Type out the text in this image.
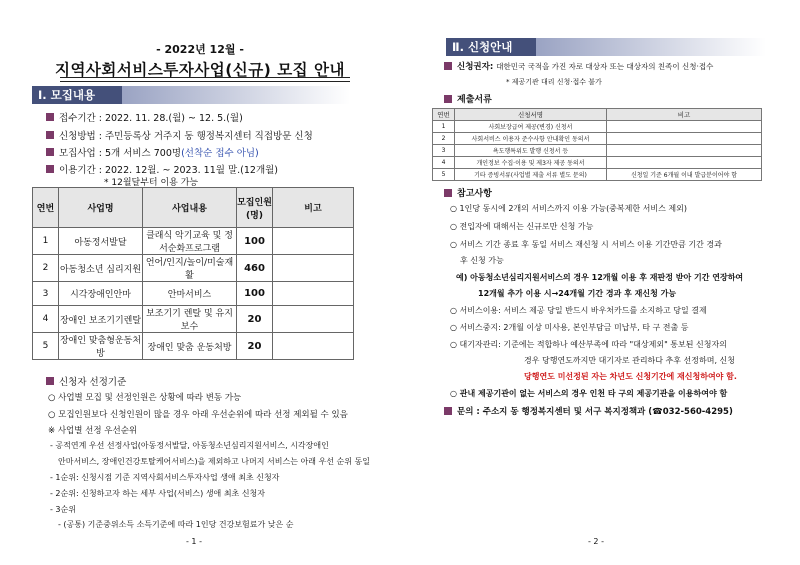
- 2022년 12월 -
지역사회서비스투자사업(신규) 모집 안내
Ⅰ. 모집내용
접수기간 : 2022. 11. 28.(월) ~ 12. 5.(월)
신청방법 : 주민등록상 거주지 동 행정복지센터 직접방문 신청
모집사업 : 5개 서비스 700명 (선착순 접수 아님)
이용기간 : 2022. 12월. ~ 2023. 11월 말.(12개월)
* 12월달부터 이용 가능
연번	사업명	사업내용	모집인원(명)	비고
1	아동정서발달	클래식 악기교육 및 정서순화프로그램	100	
2	아동청소년 심리지원	언어/인지/놀이/미술재활	460	
3	시각장애인안마	안마서비스	100	
4	장애인 보조기기렌탈	보조기기 렌탈 및 유지보수	20	
5	장애인 맞춤형운동처방	장애인 맞춤 운동처방	20	
신청자 선정기준
○ 사업별 모집 및 선정인원은 상황에 따라 변동 가능
○ 모집인원보다 신청인원이 많을 경우 아래 우선순위에 따라 선정 제외될 수 있음
※ 사업별 선정 우선순위
- 공적연계 우선 선정사업(아동정서발달, 아동청소년심리지원서비스, 시각장애인
안마서비스, 장애인건강토탈케어서비스)을 제외하고 나머지 서비스는 아래 우선 순위 동일
- 1순위: 신청시점 기준 지역사회서비스투자사업 생애 최초 신청자
- 2순위: 신청하고자 하는 세부 사업(서비스) 생애 최초 신청자
- 3순위
- (공통) 기준중위소득 소득기준에 따라 1인당 건강보험료가 낮은 순
- 1 -
Ⅱ. 신청안내
신청권자: 대한민국 국적을 가진 자로 대상자 또는 대상자의 친족이 신청·접수
* 제공기관 대리 신청·접수 불가
제출서류
연번	신청서명	비고
1	사회보장급여 제공(변경) 신청서	
2	사회서비스 이용자 준수사항 안내확인 동의서	
3	욕도행특위도 발행 신청서 등	
4	개인정보 수집·이용 및 제3자 제공 동의서	
5	기타 증빙서류(사업별 제출 서류 별도 문의)	신청일 기준 6개월 이내 발급분이어야 함
참고사항
○ 1인당 동시에 2개의 서비스까지 이용 가능(중복제한 서비스 제외)
○ 전입자에 대해서는 신규로만 신청 가능
○ 서비스 기간 종료 후 동일 서비스 재신청 시 서비스 이용 기간만큼 기간 경과
후 신청 가능
예) 아동청소년심리지원서비스의 경우 12개월 이용 후 재판정 받아 기간 연장하여
12개월 추가 이용 시→24개월 기간 경과 후 재신청 가능
○ 서비스이용: 서비스 제공 당일 반드시 바우처카드를 소지하고 당일 결제
○ 서비스중지: 2개월 이상 미사용, 본인부담금 미납부, 타 구 전출 등
○ 대기자관리: 기준에는 적합하나 예산부족에 따라 "대상제외" 통보된 신청자의
경우 당행연도까지만 대기자로 관리하다 추후 선정하며, 신청
당행연도 미선정된 자는 차년도 신청기간에 재신청하여야 함.
○ 관내 제공기관이 없는 서비스의 경우 인천 타 구의 제공기관을 이용하여야 함
문의 : 주소지 동 행정복지센터 및 서구 복지정책과 (☎032-560-4295)
- 2 -
